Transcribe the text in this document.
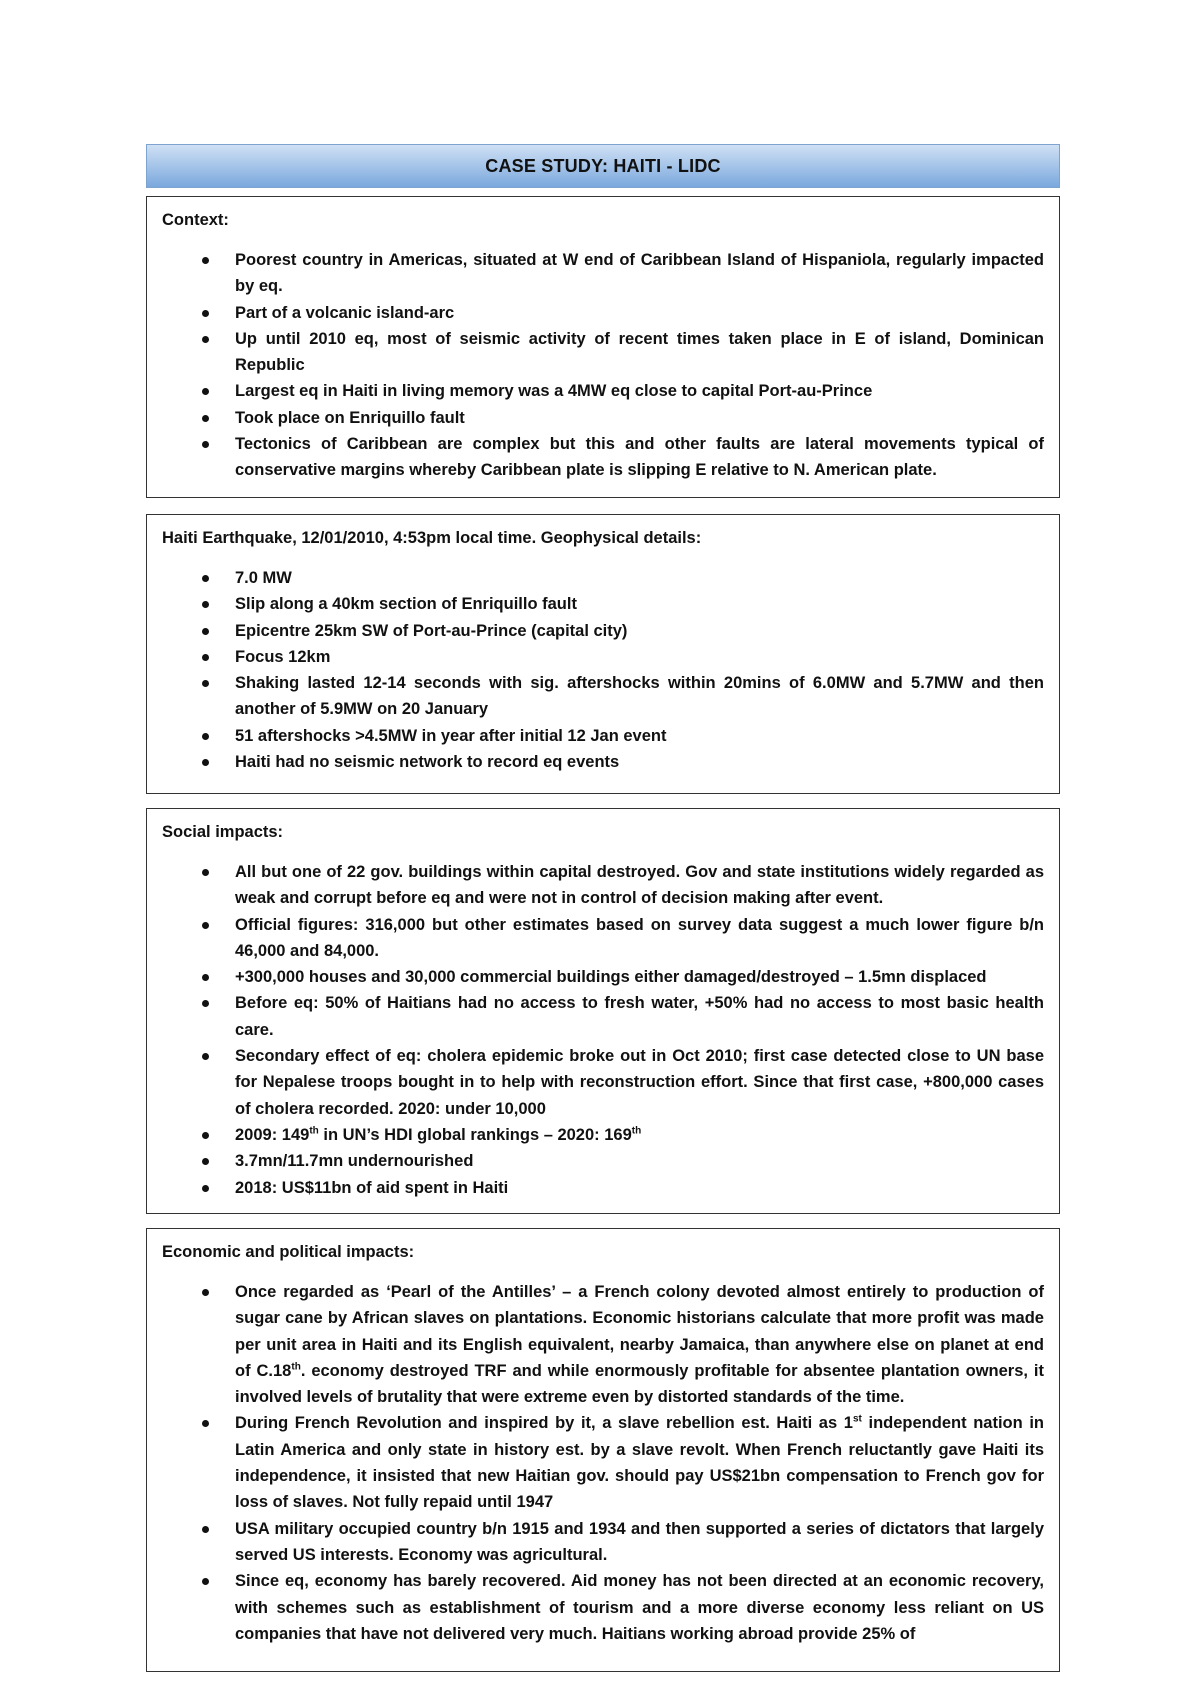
CASE STUDY: HAITI - LIDC
Context:
Poorest country in Americas, situated at W end of Caribbean Island of Hispaniola, regularly impacted by eq.
Part of a volcanic island-arc
Up until 2010 eq, most of seismic activity of recent times taken place in E of island, Dominican Republic
Largest eq in Haiti in living memory was a 4MW eq close to capital Port-au-Prince
Took place on Enriquillo fault
Tectonics of Caribbean are complex but this and other faults are lateral movements typical of conservative margins whereby Caribbean plate is slipping E relative to N. American plate.
Haiti Earthquake, 12/01/2010, 4:53pm local time. Geophysical details:
7.0 MW
Slip along a 40km section of Enriquillo fault
Epicentre 25km SW of Port-au-Prince (capital city)
Focus 12km
Shaking lasted 12-14 seconds with sig. aftershocks within 20mins of 6.0MW and 5.7MW and then another of 5.9MW on 20 January
51 aftershocks >4.5MW in year after initial 12 Jan event
Haiti had no seismic network to record eq events
Social impacts:
All but one of 22 gov. buildings within capital destroyed. Gov and state institutions widely regarded as weak and corrupt before eq and were not in control of decision making after event.
Official figures: 316,000 but other estimates based on survey data suggest a much lower figure b/n 46,000 and 84,000.
+300,000 houses and 30,000 commercial buildings either damaged/destroyed – 1.5mn displaced
Before eq: 50% of Haitians had no access to fresh water, +50% had no access to most basic health care.
Secondary effect of eq: cholera epidemic broke out in Oct 2010; first case detected close to UN base for Nepalese troops bought in to help with reconstruction effort. Since that first case, +800,000 cases of cholera recorded. 2020: under 10,000
2009: 149th in UN’s HDI global rankings – 2020: 169th
3.7mn/11.7mn undernourished
2018: US$11bn of aid spent in Haiti
Economic and political impacts:
Once regarded as ‘Pearl of the Antilles’ – a French colony devoted almost entirely to production of sugar cane by African slaves on plantations. Economic historians calculate that more profit was made per unit area in Haiti and its English equivalent, nearby Jamaica, than anywhere else on planet at end of C.18th. economy destroyed TRF and while enormously profitable for absentee plantation owners, it involved levels of brutality that were extreme even by distorted standards of the time.
During French Revolution and inspired by it, a slave rebellion est. Haiti as 1st independent nation in Latin America and only state in history est. by a slave revolt. When French reluctantly gave Haiti its independence, it insisted that new Haitian gov. should pay US$21bn compensation to French gov for loss of slaves. Not fully repaid until 1947
USA military occupied country b/n 1915 and 1934 and then supported a series of dictators that largely served US interests. Economy was agricultural.
Since eq, economy has barely recovered. Aid money has not been directed at an economic recovery, with schemes such as establishment of tourism and a more diverse economy less reliant on US companies that have not delivered very much. Haitians working abroad provide 25% of
